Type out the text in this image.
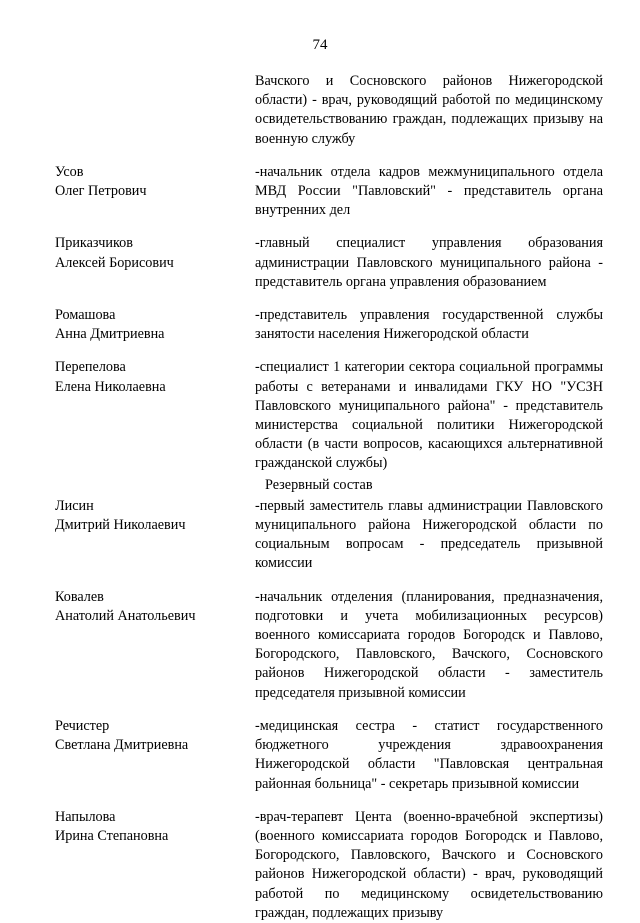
74
Вачского и Сосновского районов Нижегородской области) - врач, руководящий работой по медицинскому освидетельствованию граждан, подлежащих призыву на военную службу
Усов
Олег Петрович
-начальник отдела кадров межмуниципального отдела МВД России "Павловский" - представитель органа внутренних дел
Приказчиков
Алексей Борисович
-главный специалист управления образования администрации Павловского муниципального района - представитель органа управления образованием
Ромашова
Анна Дмитриевна
-представитель управления государственной службы занятости населения Нижегородской области
Перепелова
Елена Николаевна
-специалист 1 категории сектора социальной программы работы с ветеранами и инвалидами ГКУ НО "УСЗН Павловского муниципального района" - представитель министерства социальной политики Нижегородской области (в части вопросов, касающихся альтернативной гражданской службы)
Резервный состав
Лисин
Дмитрий Николаевич
-первый заместитель главы администрации Павловского муниципального района Нижегородской области по социальным вопросам - председатель призывной комиссии
Ковалев
Анатолий Анатольевич
-начальник отделения (планирования, предназначения, подготовки и учета мобилизационных ресурсов) военного комиссариата городов Богородск и Павлово, Богородского, Павловского, Вачского, Сосновского районов Нижегородской области - заместитель председателя призывной комиссии
Речистер
Светлана Дмитриевна
-медицинская сестра - статист государственного бюджетного учреждения здравоохранения Нижегородской области "Павловская центральная районная больница" - секретарь призывной комиссии
Напылова
Ирина Степановна
-врач-терапевт Цента (военно-врачебной экспертизы) (военного комиссариата городов Богородск и Павлово, Богородского, Павловского, Вачского и Сосновского районов Нижегородской области) - врач, руководящий работой по медицинскому освидетельствованию граждан, подлежащих призыву
